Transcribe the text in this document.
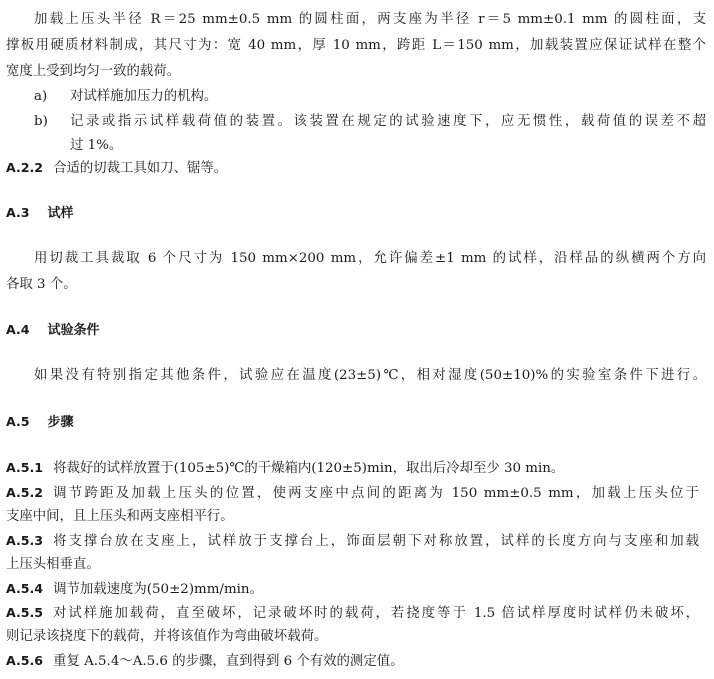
加载上压头半径 R＝25 mm±0.5 mm 的圆柱面，两支座为半径 r＝5 mm±0.1 mm 的圆柱面，支
撑板用硬质材料制成，其尺寸为：宽 40 mm，厚 10 mm，跨距 L＝150 mm，加载装置应保证试样在整个
宽度上受到均匀一致的载荷。
a) 对试样施加压力的机构。
b) 记录或指示试样载荷值的装置。该装置在规定的试验速度下，应无惯性，载荷值的误差不超
过 1%。
A.2.2 合适的切裁工具如刀、锯等。
A.3 试样
用切裁工具裁取 6 个尺寸为 150 mm×200 mm，允许偏差±1 mm 的试样，沿样品的纵横两个方向
各取 3 个。
A.4 试验条件
如果没有特别指定其他条件，试验应在温度(23±5)℃，相对湿度(50±10)%的实验室条件下进行。
A.5 步骤
A.5.1 将裁好的试样放置于(105±5)℃的干燥箱内(120±5)min，取出后冷却至少 30 min。
A.5.2 调节跨距及加载上压头的位置，使两支座中点间的距离为 150 mm±0.5 mm，加载上压头位于
支座中间，且上压头和两支座相平行。
A.5.3 将支撑台放在支座上，试样放于支撑台上，饰面层朝下对称放置，试样的长度方向与支座和加载
上压头相垂直。
A.5.4 调节加载速度为(50±2)mm/min。
A.5.5 对试样施加载荷，直至破坏，记录破坏时的载荷，若挠度等于 1.5 倍试样厚度时试样仍未破坏，
则记录该挠度下的载荷，并将该值作为弯曲破坏载荷。
A.5.6 重复 A.5.4～A.5.6 的步骤，直到得到 6 个有效的测定值。
